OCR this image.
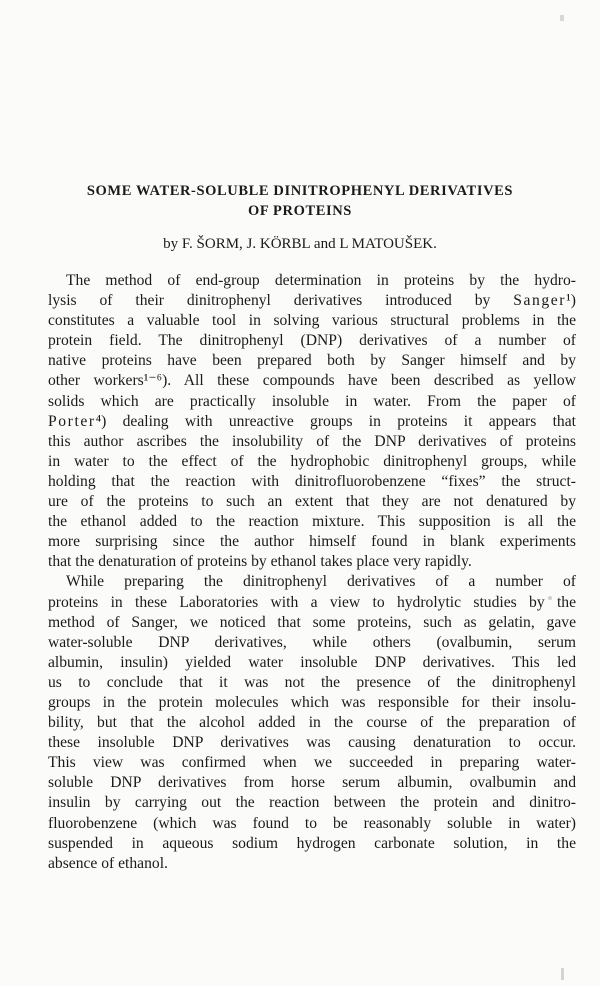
SOME WATER-SOLUBLE DINITROPHENYL DERIVATIVES
OF PROTEINS
by F. ŠORM, J. KÖRBL and L MATOUŠEK.
The method of end-group determination in proteins by the hydro-
lysis of their dinitrophenyl derivatives introduced by Sanger¹)
constitutes a valuable tool in solving various structural problems in the
protein field. The dinitrophenyl (DNP) derivatives of a number of
native proteins have been prepared both by Sanger himself and by
other workers¹⁻⁶). All these compounds have been described as yellow
solids which are practically insoluble in water. From the paper of
Porter⁴) dealing with unreactive groups in proteins it appears that
this author ascribes the insolubility of the DNP derivatives of proteins
in water to the effect of the hydrophobic dinitrophenyl groups, while
holding that the reaction with dinitrofluorobenzene “fixes” the struct-
ure of the proteins to such an extent that they are not denatured by
the ethanol added to the reaction mixture. This supposition is all the
more surprising since the author himself found in blank experiments
that the denaturation of proteins by ethanol takes place very rapidly.
While preparing the dinitrophenyl derivatives of a number of
proteins in these Laboratories with a view to hydrolytic studies by the
method of Sanger, we noticed that some proteins, such as gelatin, gave
water-soluble DNP derivatives, while others (ovalbumin, serum
albumin, insulin) yielded water insoluble DNP derivatives. This led
us to conclude that it was not the presence of the dinitrophenyl
groups in the protein molecules which was responsible for their insolu-
bility, but that the alcohol added in the course of the preparation of
these insoluble DNP derivatives was causing denaturation to occur.
This view was confirmed when we succeeded in preparing water-
soluble DNP derivatives from horse serum albumin, ovalbumin and
insulin by carrying out the reaction between the protein and dinitro-
fluorobenzene (which was found to be reasonably soluble in water)
suspended in aqueous sodium hydrogen carbonate solution, in the
absence of ethanol.
